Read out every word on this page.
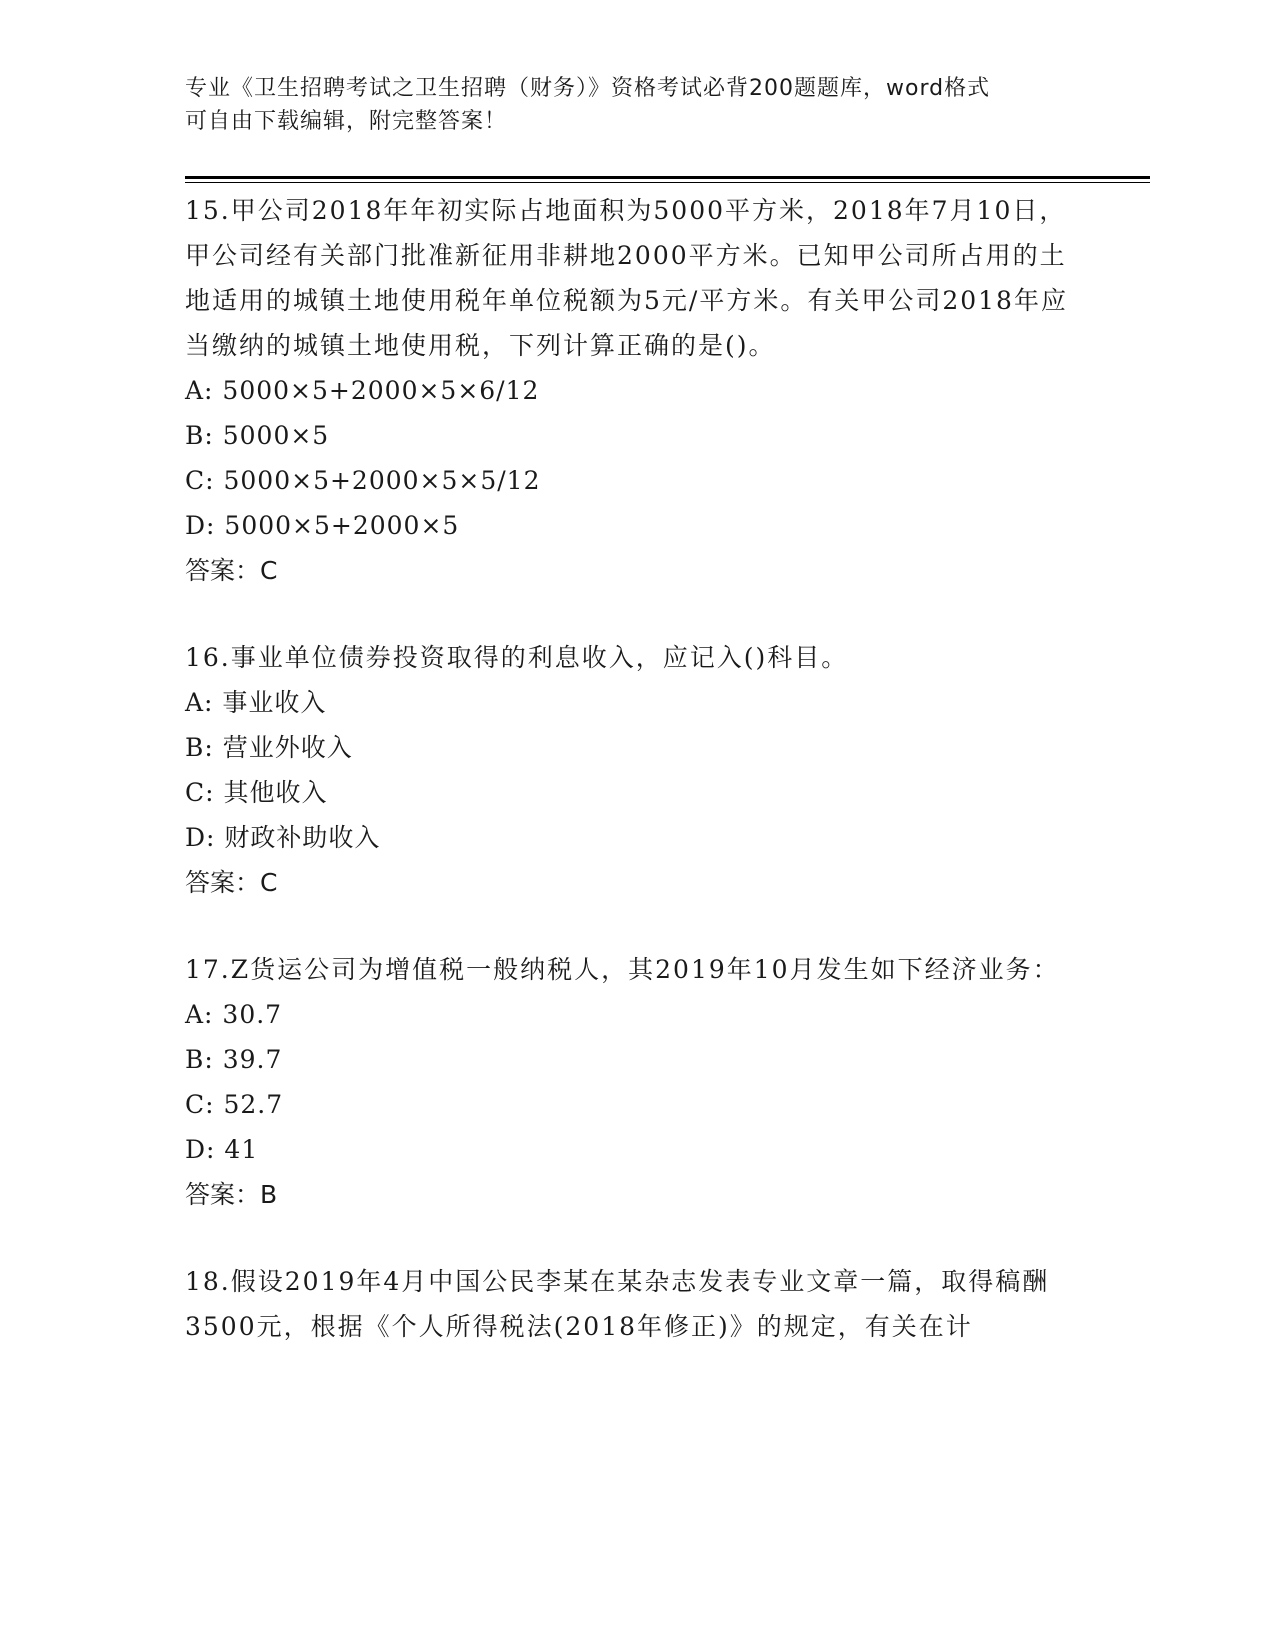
专业《卫生招聘考试之卫生招聘（财务）》资格考试必背200题题库，word格式
可自由下载编辑，附完整答案！
15.甲公司2018年年初实际占地面积为5000平方米，2018年7月10日，甲公司经有关部门批准新征用非耕地2000平方米。已知甲公司所占用的土地适用的城镇土地使用税年单位税额为5元/平方米。有关甲公司2018年应当缴纳的城镇土地使用税，下列计算正确的是()。
A: 5000×5+2000×5×6/12
B: 5000×5
C: 5000×5+2000×5×5/12
D: 5000×5+2000×5
答案：C
16.事业单位债券投资取得的利息收入，应记入()科目。
A: 事业收入
B: 营业外收入
C: 其他收入
D: 财政补助收入
答案：C
17.Z货运公司为增值税一般纳税人，其2019年10月发生如下经济业务：
A: 30.7
B: 39.7
C: 52.7
D: 41
答案：B
18.假设2019年4月中国公民李某在某杂志发表专业文章一篇，取得稿酬3500元，根据《个人所得税法(2018年修正)》的规定，有关在计
